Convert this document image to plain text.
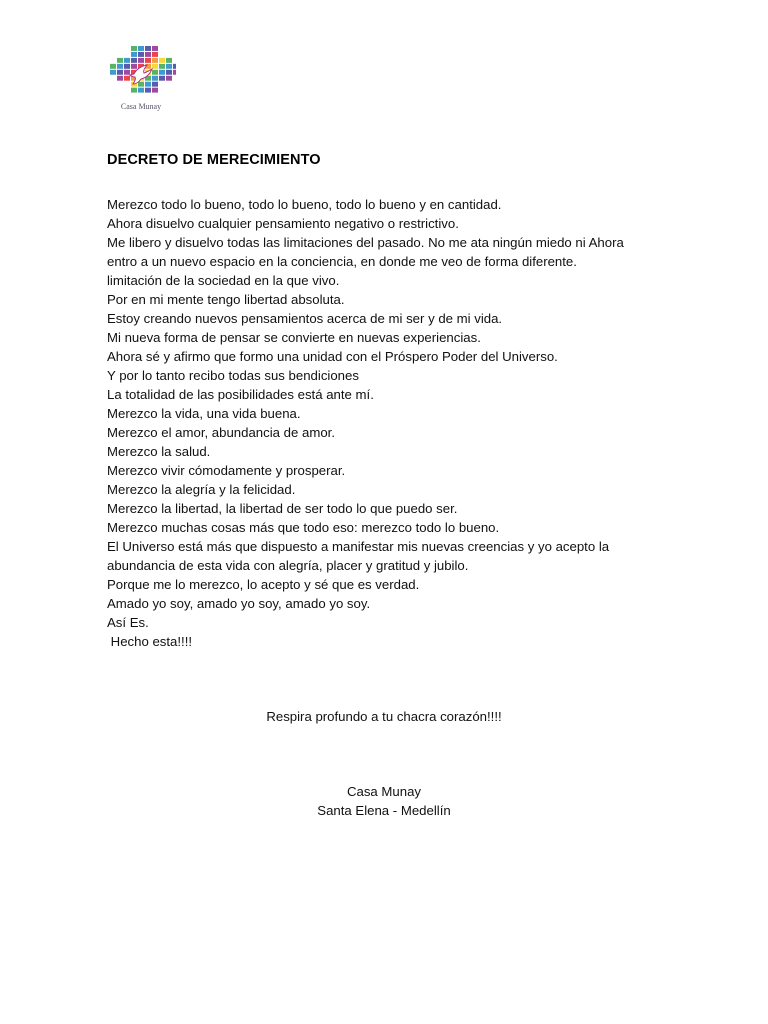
Casa Munay
DECRETO DE MERECIMIENTO
Merezco todo lo bueno, todo lo bueno, todo lo bueno y en cantidad.
Ahora disuelvo cualquier pensamiento negativo o restrictivo.
Me libero y disuelvo todas las limitaciones del pasado. No me ata ningún miedo ni Ahora
entro a un nuevo espacio en la conciencia, en donde me veo de forma diferente.
limitación de la sociedad en la que vivo.
Por en mi mente tengo libertad absoluta.
Estoy creando nuevos pensamientos acerca de mi ser y de mi vida.
Mi nueva forma de pensar se convierte en nuevas experiencias.
Ahora sé y afirmo que formo una unidad con el Próspero Poder del Universo.
Y por lo tanto recibo todas sus bendiciones
La totalidad de las posibilidades está ante mí.
Merezco la vida, una vida buena.
Merezco el amor, abundancia de amor.
Merezco la salud.
Merezco vivir cómodamente y prosperar.
Merezco la alegría y la felicidad.
Merezco la libertad, la libertad de ser todo lo que puedo ser.
Merezco muchas cosas más que todo eso: merezco todo lo bueno.
El Universo está más que dispuesto a manifestar mis nuevas creencias y yo acepto la
abundancia de esta vida con alegría, placer y gratitud y jubilo.
Porque me lo merezco, lo acepto y sé que es verdad.
Amado yo soy, amado yo soy, amado yo soy.
Así Es.
Hecho esta!!!!
Respira profundo a tu chacra corazón!!!!
Casa Munay
Santa Elena - Medellín
